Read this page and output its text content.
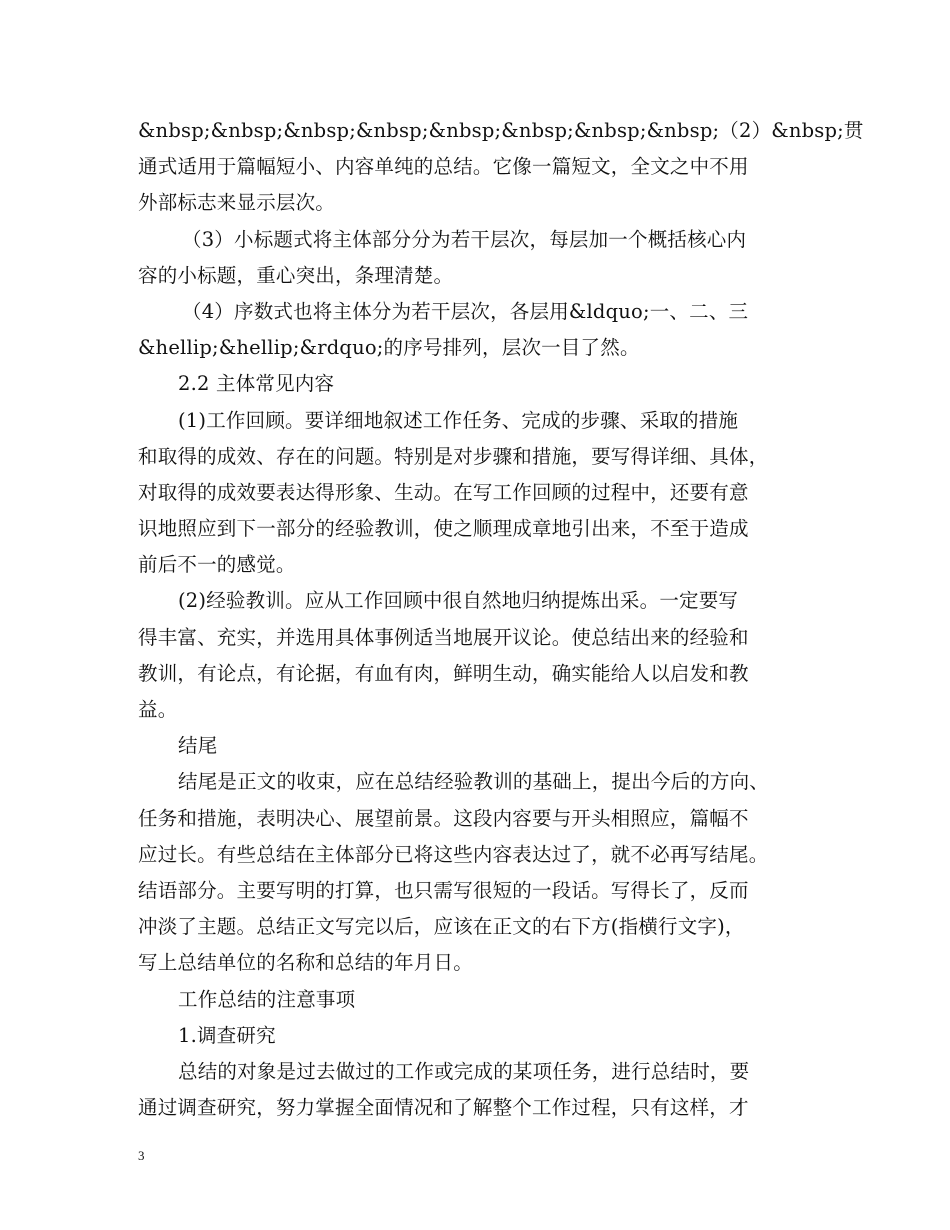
&nbsp;&nbsp;&nbsp;&nbsp;&nbsp;&nbsp;&nbsp;&nbsp;（2）&nbsp;贯
通式适用于篇幅短小、内容单纯的总结。它像一篇短文，全文之中不用
外部标志来显示层次。
（3）小标题式将主体部分分为若干层次，每层加一个概括核心内
容的小标题，重心突出，条理清楚。
（4）序数式也将主体分为若干层次，各层用&ldquo;一、二、三
&hellip;&hellip;&rdquo;的序号排列，层次一目了然。
2.2 主体常见内容
(1)工作回顾。要详细地叙述工作任务、完成的步骤、采取的措施
和取得的成效、存在的问题。特别是对步骤和措施，要写得详细、具体，
对取得的成效要表达得形象、生动。在写工作回顾的过程中，还要有意
识地照应到下一部分的经验教训，使之顺理成章地引出来，不至于造成
前后不一的感觉。
(2)经验教训。应从工作回顾中很自然地归纳提炼出采。一定要写
得丰富、充实，并选用具体事例适当地展开议论。使总结出来的经验和
教训，有论点，有论据，有血有肉，鲜明生动，确实能给人以启发和教
益。
结尾
结尾是正文的收束，应在总结经验教训的基础上，提出今后的方向、
任务和措施，表明决心、展望前景。这段内容要与开头相照应，篇幅不
应过长。有些总结在主体部分已将这些内容表达过了，就不必再写结尾。
结语部分。主要写明的打算，也只需写很短的一段话。写得长了，反而
冲淡了主题。总结正文写完以后，应该在正文的右下方(指横行文字)，
写上总结单位的名称和总结的年月日。
工作总结的注意事项
1.调查研究
总结的对象是过去做过的工作或完成的某项任务，进行总结时，要
通过调查研究，努力掌握全面情况和了解整个工作过程，只有这样，才
3
